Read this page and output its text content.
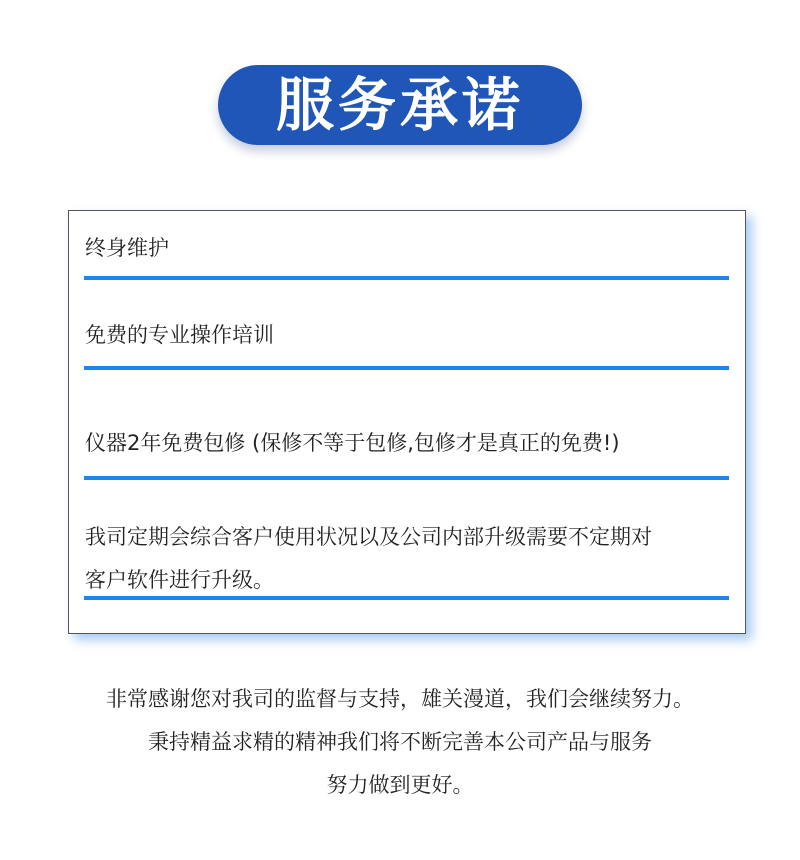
服务承诺
终身维护
免费的专业操作培训
仪器2年免费包修 (保修不等于包修,包修才是真正的免费!)
我司定期会综合客户使用状况以及公司内部升级需要不定期对
客户软件进行升级。
非常感谢您对我司的监督与支持，雄关漫道，我们会继续努力。
秉持精益求精的精神我们将不断完善本公司产品与服务
努力做到更好。
